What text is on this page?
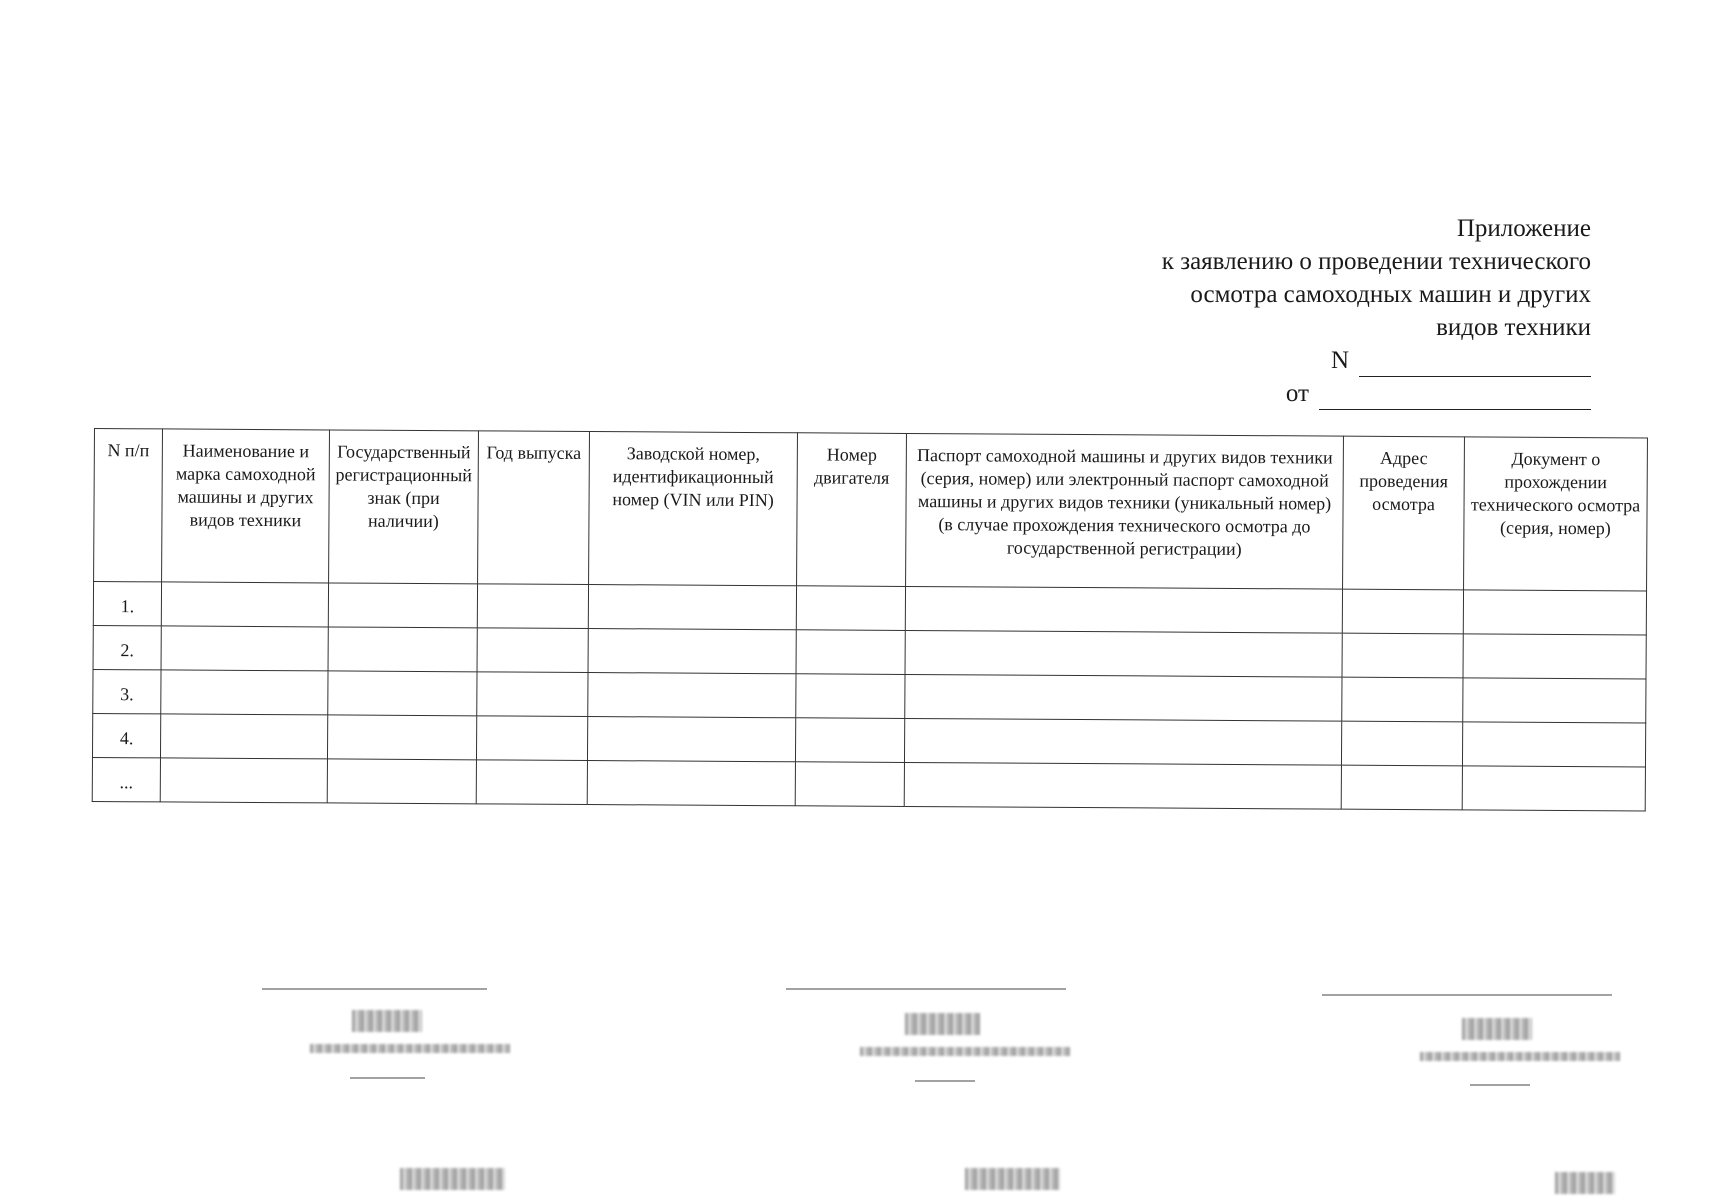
Приложение
к заявлению о проведении технического
осмотра самоходных машин и других
видов техники
N
от
N п/п	Наименование и марка самоходной машины и других видов техники	Государственный регистрационный знак (при наличии)	Год выпуска	Заводской номер, идентификационный номер (VIN или PIN)	Номер двигателя	Паспорт самоходной машины и других видов техники (серия, номер) или электронный паспорт самоходной машины и других видов техники (уникальный номер) (в случае прохождения технического осмотра до государственной регистрации)	Адрес проведения осмотра	Документ о прохождении технического осмотра (серия, номер)
1.								
2.								
3.								
4.								
...								
